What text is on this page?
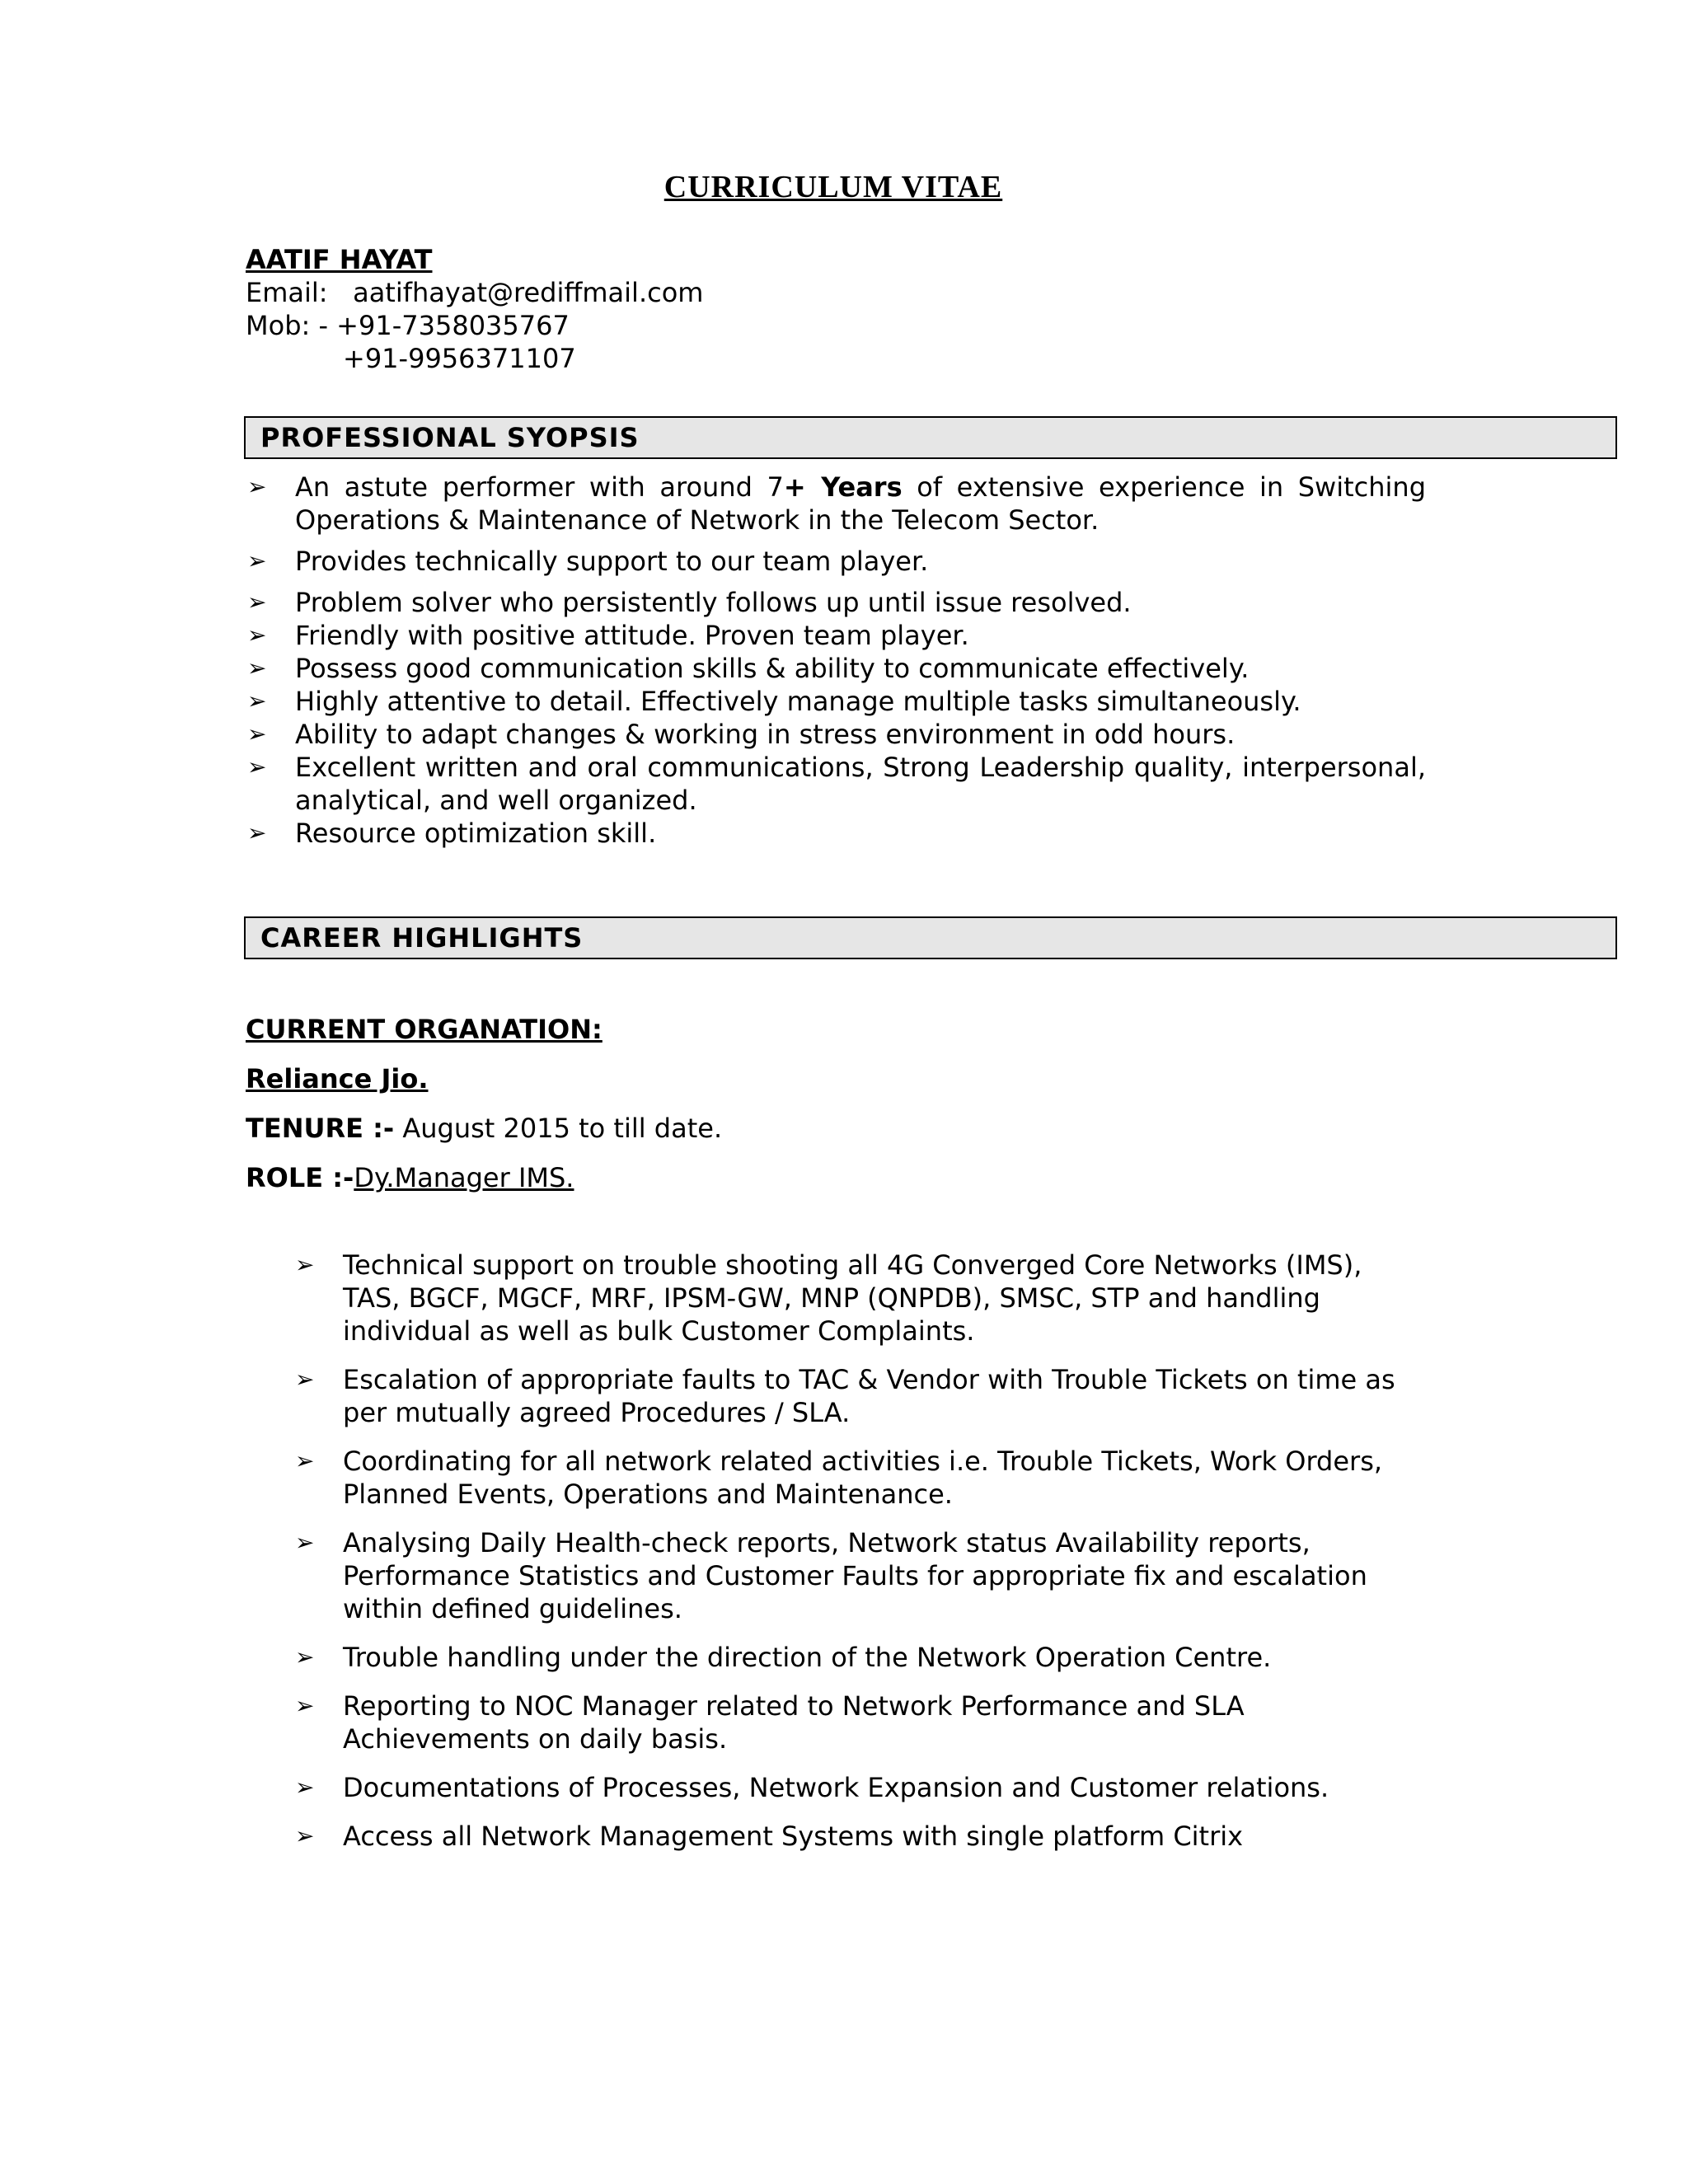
CURRICULUM VITAE
AATIF HAYAT
Email: aatifhayat@rediffmail.com
Mob: - +91-7358035767
+91-9956371107
PROFESSIONAL SYOPSIS
➢ An astute performer with around 7+ Years of extensive experience in Switching Operations & Maintenance of Network in the Telecom Sector.
➢ Provides technically support to our team player.
➢ Problem solver who persistently follows up until issue resolved.
➢ Friendly with positive attitude. Proven team player.
➢ Possess good communication skills & ability to communicate effectively.
➢ Highly attentive to detail. Effectively manage multiple tasks simultaneously.
➢ Ability to adapt changes & working in stress environment in odd hours.
➢ Excellent written and oral communications, Strong Leadership quality, interpersonal, analytical, and well organized.
➢ Resource optimization skill.
CAREER HIGHLIGHTS
CURRENT ORGANATION:
Reliance Jio.
TENURE :- August 2015 to till date.
ROLE :-Dy.Manager IMS.
➢ Technical support on trouble shooting all 4G Converged Core Networks (IMS), TAS, BGCF, MGCF, MRF, IPSM-GW, MNP (QNPDB), SMSC, STP and handling individual as well as bulk Customer Complaints.
➢ Escalation of appropriate faults to TAC & Vendor with Trouble Tickets on time as per mutually agreed Procedures / SLA.
➢ Coordinating for all network related activities i.e. Trouble Tickets, Work Orders, Planned Events, Operations and Maintenance.
➢ Analysing Daily Health-check reports, Network status Availability reports, Performance Statistics and Customer Faults for appropriate fix and escalation within defined guidelines.
➢ Trouble handling under the direction of the Network Operation Centre.
➢ Reporting to NOC Manager related to Network Performance and SLA Achievements on daily basis.
➢ Documentations of Processes, Network Expansion and Customer relations.
➢ Access all Network Management Systems with single platform Citrix
